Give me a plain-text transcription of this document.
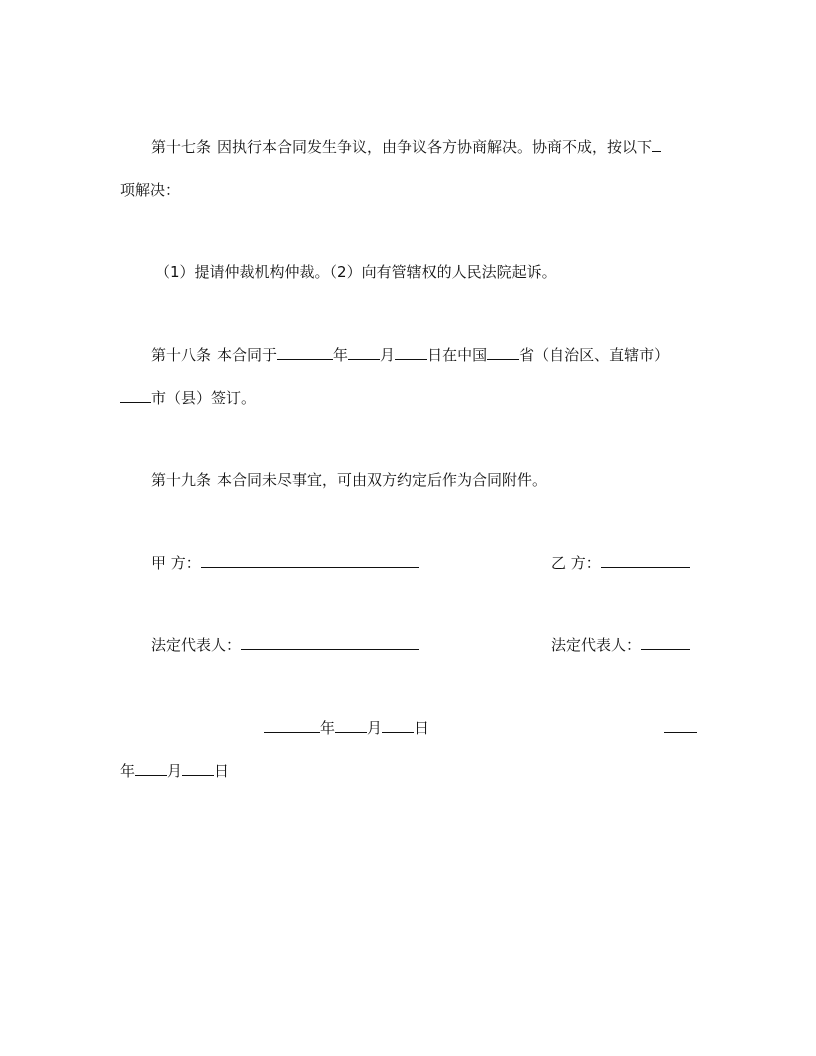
第十七条 因执行本合同发生争议，由争议各方协商解决。协商不成，按以下
项解决：
（1）提请仲裁机构仲裁。（2）向有管辖权的人民法院起诉。
第十八条 本合同于	年 月 日在中国 省（自治区、直辖市）
市（县）签订。
第十九条 本合同未尽事宜，可由双方约定后作为合同附件。
甲 方：	乙 方：
法定代表人：	法定代表人：
年 月 日
年 月 日
